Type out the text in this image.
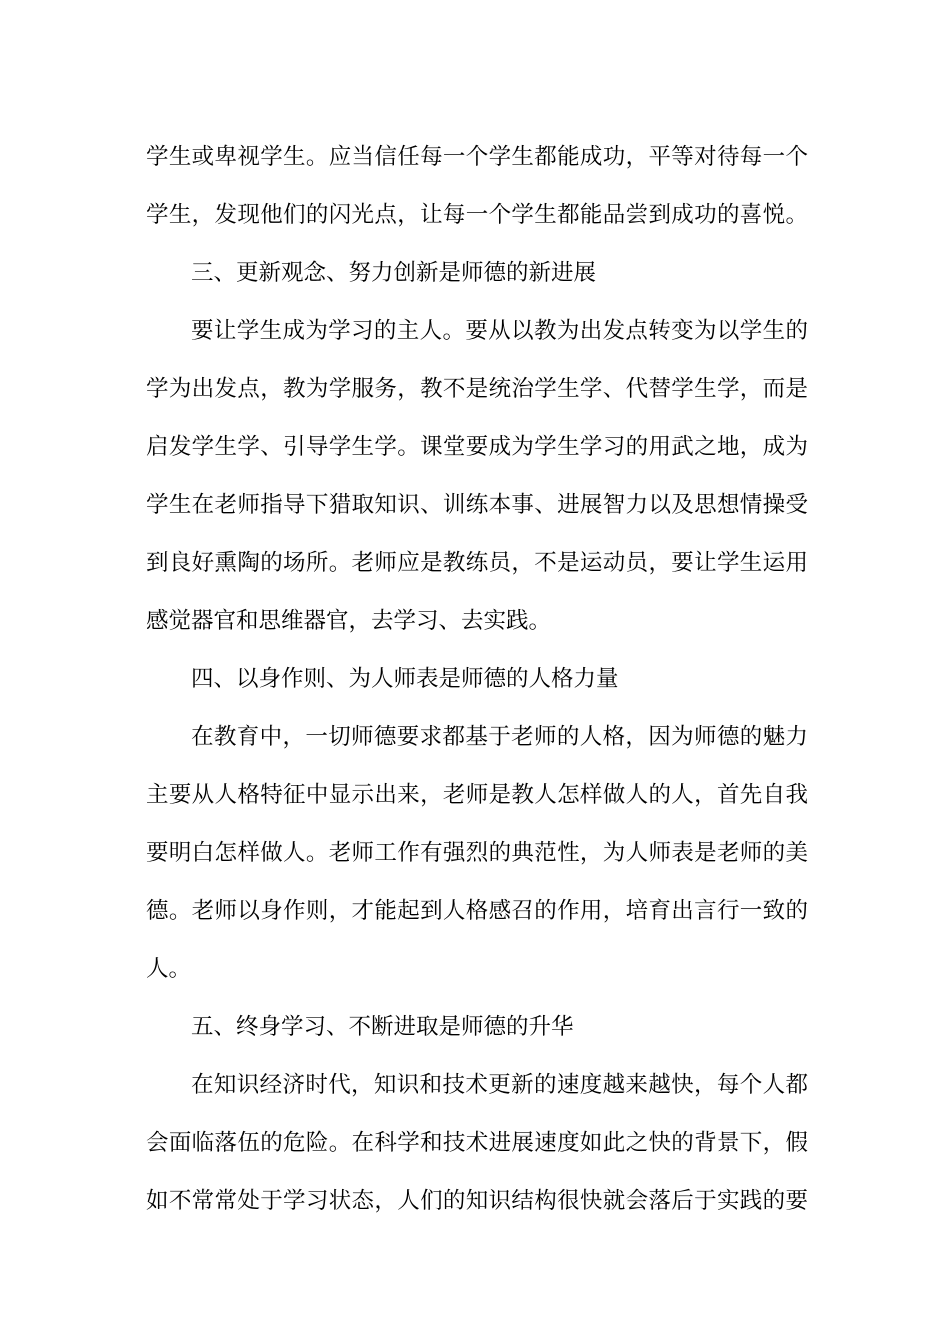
学生或卑视学生。应当信任每一个学生都能成功，平等对待每一个
学生，发现他们的闪光点，让每一个学生都能品尝到成功的喜悦。
三、更新观念、努力创新是师德的新进展
要让学生成为学习的主人。要从以教为出发点转变为以学生的
学为出发点，教为学服务，教不是统治学生学、代替学生学，而是
启发学生学、引导学生学。课堂要成为学生学习的用武之地，成为
学生在老师指导下猎取知识、训练本事、进展智力以及思想情操受
到良好熏陶的场所。老师应是教练员，不是运动员，要让学生运用
感觉器官和思维器官，去学习、去实践。
四、以身作则、为人师表是师德的人格力量
在教育中，一切师德要求都基于老师的人格，因为师德的魅力
主要从人格特征中显示出来，老师是教人怎样做人的人，首先自我
要明白怎样做人。老师工作有强烈的典范性，为人师表是老师的美
德。老师以身作则，才能起到人格感召的作用，培育出言行一致的
人。
五、终身学习、不断进取是师德的升华
在知识经济时代，知识和技术更新的速度越来越快，每个人都
会面临落伍的危险。在科学和技术进展速度如此之快的背景下，假
如不常常处于学习状态，人们的知识结构很快就会落后于实践的要
